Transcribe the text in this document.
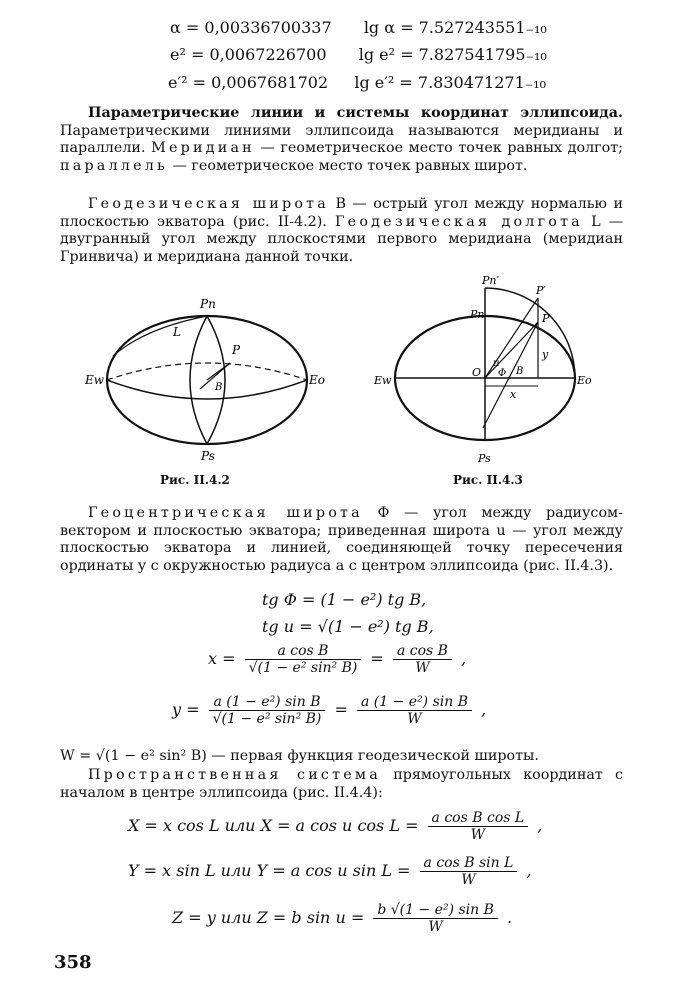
α = 0,00336700337 lg α = 7.527243551₋₁₀
e² = 0,0067226700 lg e² = 7.827541795₋₁₀
e′² = 0,0067681702 lg e′² = 7.830471271₋₁₀
Параметрические линии и системы координат эллипсоида. Параметрическими линиями эллипсоида называются меридианы и параллели. Меридиан — геометрическое место точек равных долгот; параллель — геометрическое место точек равных широт.
Геодезическая широта B — острый угол между нормалью и плоскостью экватора (рис. II-4.2). Геодезическая долгота L — двугранный угол между плоскостями первого меридиана (меридиан Гринвича) и меридиана данной точки.
Pn
Ps
Ew	Eo
L
P
B
Рис. II.4.2
Pn′
Pn
P′
P
O
u
Φ B
y
x
Ps
Ew	Eo
Рис. II.4.3
Геоцентрическая широта Φ — угол между радиусом-вектором и плоскостью экватора; приведенная широта u — угол между плоскостью экватора и линией, соединяющей точку пересечения ординаты y с окружностью радиуса a с центром эллипсоида (рис. II.4.3).
tg Φ = (1 − e²) tg B,
tg u = √(1 − e²) tg B,
$x = \frac{\text{a cos B}}{\text{√(1 − e² sin² B)}} = \frac{\text{a cos B}}{W}$ ,
$y = \frac{\text{a (1 − e²) sin B}}{\text{√(1 − e² sin² B)}} = \frac{\text{a (1 − e²) sin B}}{W}$ ,
W = √(1 − e² sin² B) — первая функция геодезической широты.
Пространственная система прямоугольных координат с началом в центре эллипсоида (рис. II.4.4):
X = x cos L или X = a cos u $\cos L = \frac{\text{a cos B cos L}}{W}$ ,
Y = x sin L или Y = a cos u $\sin L = \frac{\text{a cos B sin L}}{W}$ ,
Z = y или Z = b $\sin u = \frac{\text{b √(1 − e²) sin B}}{W}$ .
358
